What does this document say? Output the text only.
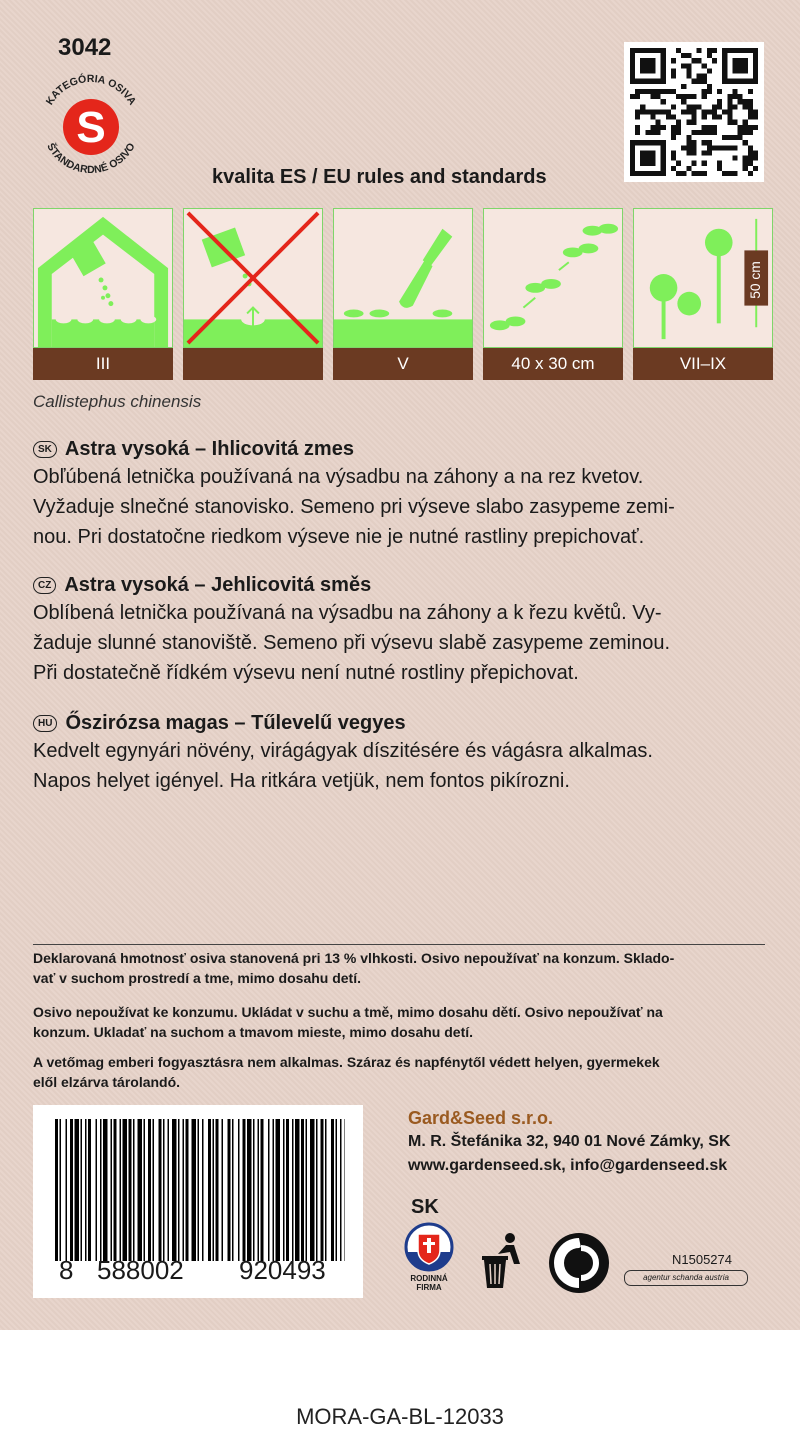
3042
KATEGÓRIA OSIVA
ŠTANDARDNÉ OSIVO
S
kvalita ES / EU rules and standards
III	V	40 x 30 cm
50 cm
VII–IX
Callistephus chinensis
SK Astra vysoká – Ihlicovitá zmes

Obľúbená letnička používaná na výsadbu na záhony a na rez kvetov.

Vyžaduje slnečné stanovisko. Semeno pri výseve slabo zasypeme zemi-

nou. Pri dostatočne riedkom výseve nie je nutné rastliny prepichovať.

CZ Astra vysoká – Jehlicovitá směs

Oblíbená letnička používaná na výsadbu na záhony a k řezu květů. Vy-

žaduje slunné stanoviště. Semeno při výsevu slabě zasypeme zeminou.

Při dostatečně řídkém výsevu není nutné rostliny přepichovat.

HU Őszirózsa magas – Tűlevelű vegyes

Kedvelt egynyári növény, virágágyak díszitésére és vágásra alkalmas.

Napos helyet igényel. Ha ritkára vetjük, nem fontos pikírozni.

Deklarovaná hmotnosť osiva stanovená pri 13 % vlhkosti. Osivo nepoužívať na konzum. Sklado-

vať v suchom prostredí a tme, mimo dosahu detí.

Osivo nepoužívat ke konzumu. Ukládat v suchu a tmě, mimo dosahu dětí. Osivo nepoužívať na

konzum. Ukladať na suchom a tmavom mieste, mimo dosahu detí.

A vetőmag emberi fogyasztásra nem alkalmas. Száraz és napfénytől védett helyen, gyermekek

elől elzárva tárolandó.

8 588002 920493

Gard&Seed s.r.o.

M. R. Štefánika 32, 940 01 Nové Zámky, SK

www.gardenseed.sk, info@gardenseed.sk

SK
RODINNÁ
FIRMA
N1505274
agentur schanda austria
MORA-GA-BL-12033
